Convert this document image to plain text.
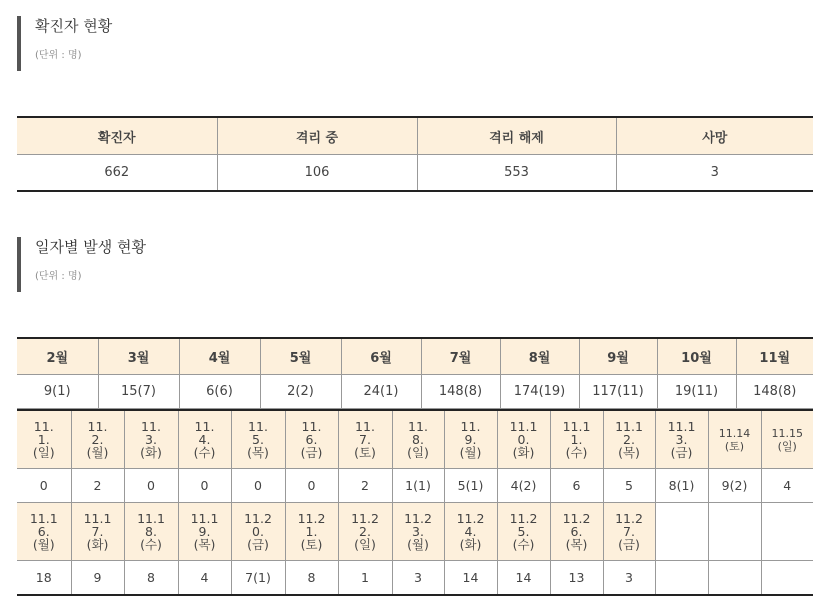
확진자 현황
(단위 : 명)
확진자	격리 중	격리 해제	사망
662	106	553	3
일자별 발생 현황
(단위 : 명)
2월	3월	4월	5월	6월	7월	8월	9월	10월	11월
9(1)	15(7)	6(6)	2(2)	24(1)	148(8)	174(19)	117(11)	19(11)	148(8)
11.1.(일)	11.2.(월)	11.3.(화)	11.4.(수)	11.5.(목)	11.6.(금)	11.7.(토)	11.8.(일)	11.9.(월)	11.10.(화)	11.11.(수)	11.12.(목)	11.13.(금)	11.14(토)	11.15(일)
0	2	0	0	0	0	2	1(1)	5(1)	4(2)	6	5	8(1)	9(2)	4
11.16.(월)	11.17.(화)	11.18.(수)	11.19.(목)	11.20.(금)	11.21.(토)	11.22.(일)	11.23.(월)	11.24.(화)	11.25.(수)	11.26.(목)	11.27.(금)			
18	9	8	4	7(1)	8	1	3	14	14	13	3			
